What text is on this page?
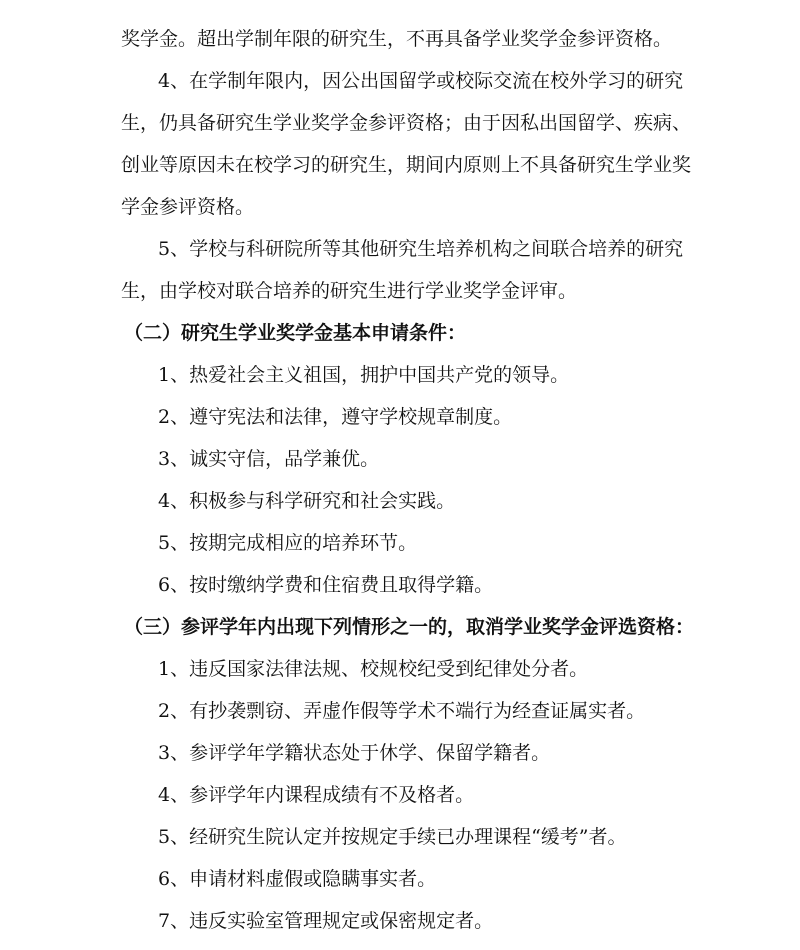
奖学金。超出学制年限的研究生，不再具备学业奖学金参评资格。
4、在学制年限内，因公出国留学或校际交流在校外学习的研究
生，仍具备研究生学业奖学金参评资格；由于因私出国留学、疾病、
创业等原因未在校学习的研究生，期间内原则上不具备研究生学业奖
学金参评资格。
5、学校与科研院所等其他研究生培养机构之间联合培养的研究
生，由学校对联合培养的研究生进行学业奖学金评审。
（二）研究生学业奖学金基本申请条件：
1、热爱社会主义祖国，拥护中国共产党的领导。
2、遵守宪法和法律，遵守学校规章制度。
3、诚实守信，品学兼优。
4、积极参与科学研究和社会实践。
5、按期完成相应的培养环节。
6、按时缴纳学费和住宿费且取得学籍。
（三）参评学年内出现下列情形之一的，取消学业奖学金评选资格：
1、违反国家法律法规、校规校纪受到纪律处分者。
2、有抄袭剽窃、弄虚作假等学术不端行为经查证属实者。
3、参评学年学籍状态处于休学、保留学籍者。
4、参评学年内课程成绩有不及格者。
5、经研究生院认定并按规定手续已办理课程“缓考”者。
6、申请材料虚假或隐瞒事实者。
7、违反实验室管理规定或保密规定者。
